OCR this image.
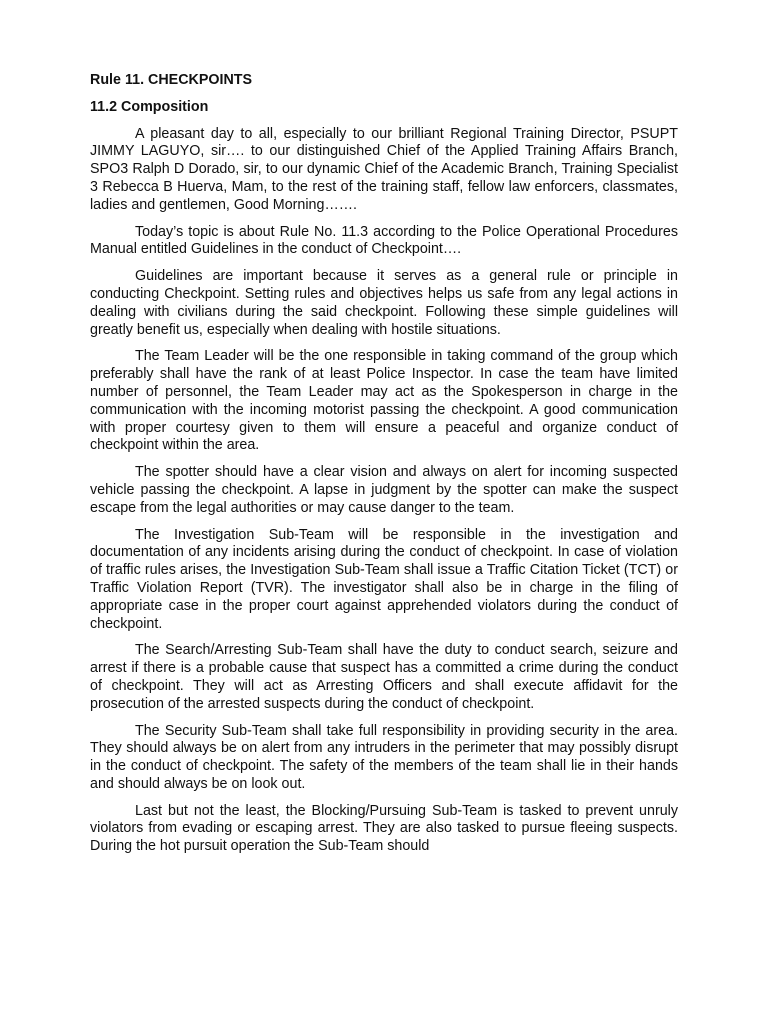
Rule 11. CHECKPOINTS
11.2 Composition

A pleasant day to all, especially to our brilliant Regional Training Director, PSUPT JIMMY LAGUYO, sir…. to our distinguished Chief of the Applied Training Affairs Branch, SPO3 Ralph D Dorado, sir, to our dynamic Chief of the Academic Branch, Training Specialist 3 Rebecca B Huerva, Mam, to the rest of the training staff, fellow law enforcers, classmates, ladies and gentlemen, Good Morning…….

Today’s topic is about Rule No. 11.3 according to the Police Operational Procedures Manual entitled Guidelines in the conduct of Checkpoint….

Guidelines are important because it serves as a general rule or principle in conducting Checkpoint. Setting rules and objectives helps us safe from any legal actions in dealing with civilians during the said checkpoint. Following these simple guidelines will greatly benefit us, especially when dealing with hostile situations.

The Team Leader will be the one responsible in taking command of the group which preferably shall have the rank of at least Police Inspector. In case the team have limited number of personnel, the Team Leader may act as the Spokesperson in charge in the communication with the incoming motorist passing the checkpoint. A good communication with proper courtesy given to them will ensure a peaceful and organize conduct of checkpoint within the area.

The spotter should have a clear vision and always on alert for incoming suspected vehicle passing the checkpoint. A lapse in judgment by the spotter can make the suspect escape from the legal authorities or may cause danger to the team.

The Investigation Sub-Team will be responsible in the investigation and documentation of any incidents arising during the conduct of checkpoint. In case of violation of traffic rules arises, the Investigation Sub-Team shall issue a Traffic Citation Ticket (TCT) or Traffic Violation Report (TVR). The investigator shall also be in charge in the filing of appropriate case in the proper court against apprehended violators during the conduct of checkpoint.

The Search/Arresting Sub-Team shall have the duty to conduct search, seizure and arrest if there is a probable cause that suspect has a committed a crime during the conduct of checkpoint. They will act as Arresting Officers and shall execute affidavit for the prosecution of the arrested suspects during the conduct of checkpoint.

The Security Sub-Team shall take full responsibility in providing security in the area. They should always be on alert from any intruders in the perimeter that may possibly disrupt in the conduct of checkpoint. The safety of the members of the team shall lie in their hands and should always be on look out.

Last but not the least, the Blocking/Pursuing Sub-Team is tasked to prevent unruly violators from evading or escaping arrest. They are also tasked to pursue fleeing suspects. During the hot pursuit operation the Sub-Team should
